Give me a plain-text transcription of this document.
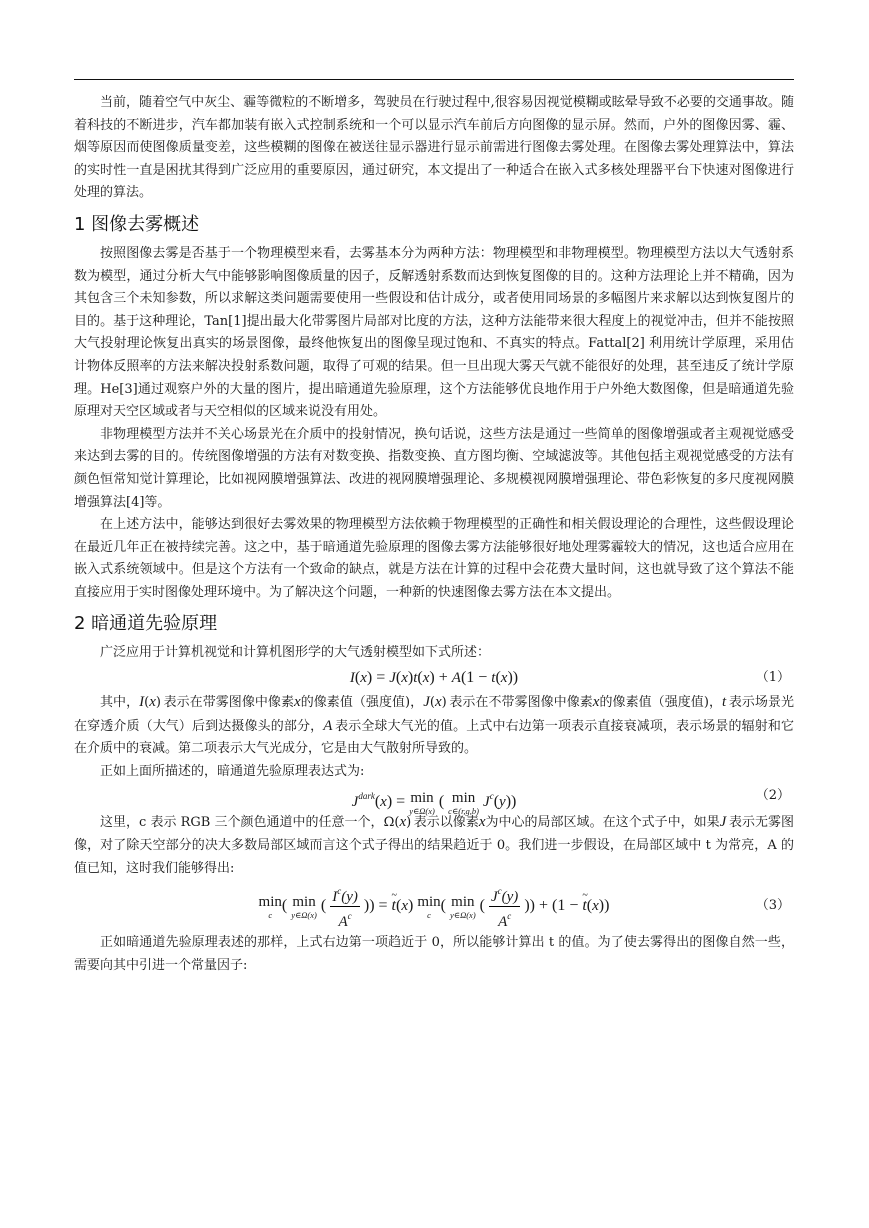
当前，随着空气中灰尘、霾等微粒的不断增多，驾驶员在行驶过程中,很容易因视觉模糊或眩晕导致不必要的交通事故。随着科技的不断进步，汽车都加装有嵌入式控制系统和一个可以显示汽车前后方向图像的显示屏。然而，户外的图像因雾、霾、烟等原因而使图像质量变差，这些模糊的图像在被送往显示器进行显示前需进行图像去雾处理。在图像去雾处理算法中，算法的实时性一直是困扰其得到广泛应用的重要原因，通过研究，本文提出了一种适合在嵌入式多核处理器平台下快速对图像进行处理的算法。

1 图像去雾概述

按照图像去雾是否基于一个物理模型来看，去雾基本分为两种方法：物理模型和非物理模型。物理模型方法以大气透射系数为模型，通过分析大气中能够影响图像质量的因子，反解透射系数而达到恢复图像的目的。这种方法理论上并不精确，因为其包含三个未知参数，所以求解这类问题需要使用一些假设和估计成分，或者使用同场景的多幅图片来求解以达到恢复图片的目的。基于这种理论，Tan[1]提出最大化带雾图片局部对比度的方法，这种方法能带来很大程度上的视觉冲击，但并不能按照大气投射理论恢复出真实的场景图像，最终他恢复出的图像呈现过饱和、不真实的特点。Fattal[2] 利用统计学原理，采用估计物体反照率的方法来解决投射系数问题，取得了可观的结果。但一旦出现大雾天气就不能很好的处理，甚至违反了统计学原理。He[3]通过观察户外的大量的图片，提出暗通道先验原理，这个方法能够优良地作用于户外绝大数图像，但是暗通道先验原理对天空区域或者与天空相似的区域来说没有用处。

非物理模型方法并不关心场景光在介质中的投射情况，换句话说，这些方法是通过一些简单的图像增强或者主观视觉感受来达到去雾的目的。传统图像增强的方法有对数变换、指数变换、直方图均衡、空域滤波等。其他包括主观视觉感受的方法有颜色恒常知觉计算理论，比如视网膜增强算法、改进的视网膜增强理论、多规模视网膜增强理论、带色彩恢复的多尺度视网膜增强算法[4]等。

在上述方法中，能够达到很好去雾效果的物理模型方法依赖于物理模型的正确性和相关假设理论的合理性，这些假设理论在最近几年正在被持续完善。这之中，基于暗通道先验原理的图像去雾方法能够很好地处理雾霾较大的情况，这也适合应用在嵌入式系统领域中。但是这个方法有一个致命的缺点，就是方法在计算的过程中会花费大量时间，这也就导致了这个算法不能直接应用于实时图像处理环境中。为了解决这个问题，一种新的快速图像去雾方法在本文提出。

2 暗通道先验原理

广泛应用于计算机视觉和计算机图形学的大气透射模型如下式所述：

I(x) = J(x)t(x) + A(1 − t(x))	（1）

其中，I(x) 表示在带雾图像中像素x的像素值（强度值)，J(x) 表示在不带雾图像中像素x的像素值（强度值)，t  表示场景光在穿透介质（大气）后到达摄像头的部分，A  表示全球大气光的值。上式中右边第一项表示直接衰减项，表示场景的辐射和它在介质中的衰减。第二项表示大气光成分，它是由大气散射所导致的。

正如上面所描述的，暗通道先验原理表达式为:

$J^{dark}(x) = \min$
y∈Ω(x)
( min
c∈(r,g,b)
$J^c(y)$)	（2）

这里，c 表示 RGB 三个颜色通道中的任意一个，Ω(x) 表示以像素x为中心的局部区域。在这个式子中，如果J  表示无雾图像，对了除天空部分的决大多数局部区域而言这个式子得出的结果趋近于 0。我们进一步假设，在局部区域中 t 为常亮，A 的值已知，这时我们能够得出:

min
c
( min
y∈Ω(x)
( $\frac{I^c(y)}{A^c}$ )) = ~ t(x) min
c
( min
y∈Ω(x)
( $\frac{J^c(y)}{A^c}$ )) + (1 − ~ t(x))	（3）

正如暗通道先验原理表述的那样，上式右边第一项趋近于 0，所以能够计算出 t 的值。为了使去雾得出的图像自然一些，需要向其中引进一个常量因子:
